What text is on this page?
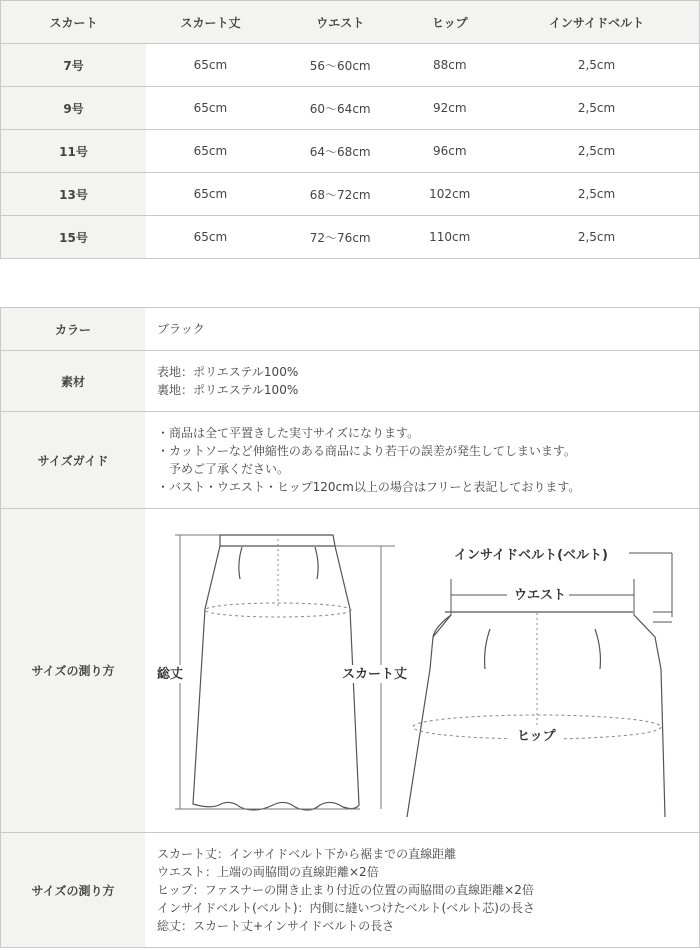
スカート	スカート丈	ウエスト	ヒップ	インサイドベルト
7号	65cm	56～60cm	88cm	2,5cm
9号	65cm	60～64cm	92cm	2,5cm
11号	65cm	64～68cm	96cm	2,5cm
13号	65cm	68～72cm	102cm	2,5cm
15号	65cm	72～76cm	110cm	2,5cm
カラー	ブラック
素材	表地：ポリエステル100%
裏地：ポリエステル100%

サイズガイド	・商品は全て平置きした実寸サイズになります。
・カットソーなど伸縮性のある商品により若干の誤差が発生してしまいます。
予めご了承ください。
・バスト・ウエスト・ヒップ120cm以上の場合はフリーと表記しております。

サイズの測り方	総丈 スカート丈
ウエスト
ヒップ
インサイドベルト(ベルト)

サイズの測り方	スカート丈：インサイドベルト下から裾までの直線距離
ウエスト：上端の両脇間の直線距離×2倍
ヒップ：ファスナーの開き止まり付近の位置の両脇間の直線距離×2倍
インサイドベルト(ベルト)：内側に縫いつけたベルト(ベルト芯)の長さ
総丈：スカート丈+インサイドベルトの長さ
